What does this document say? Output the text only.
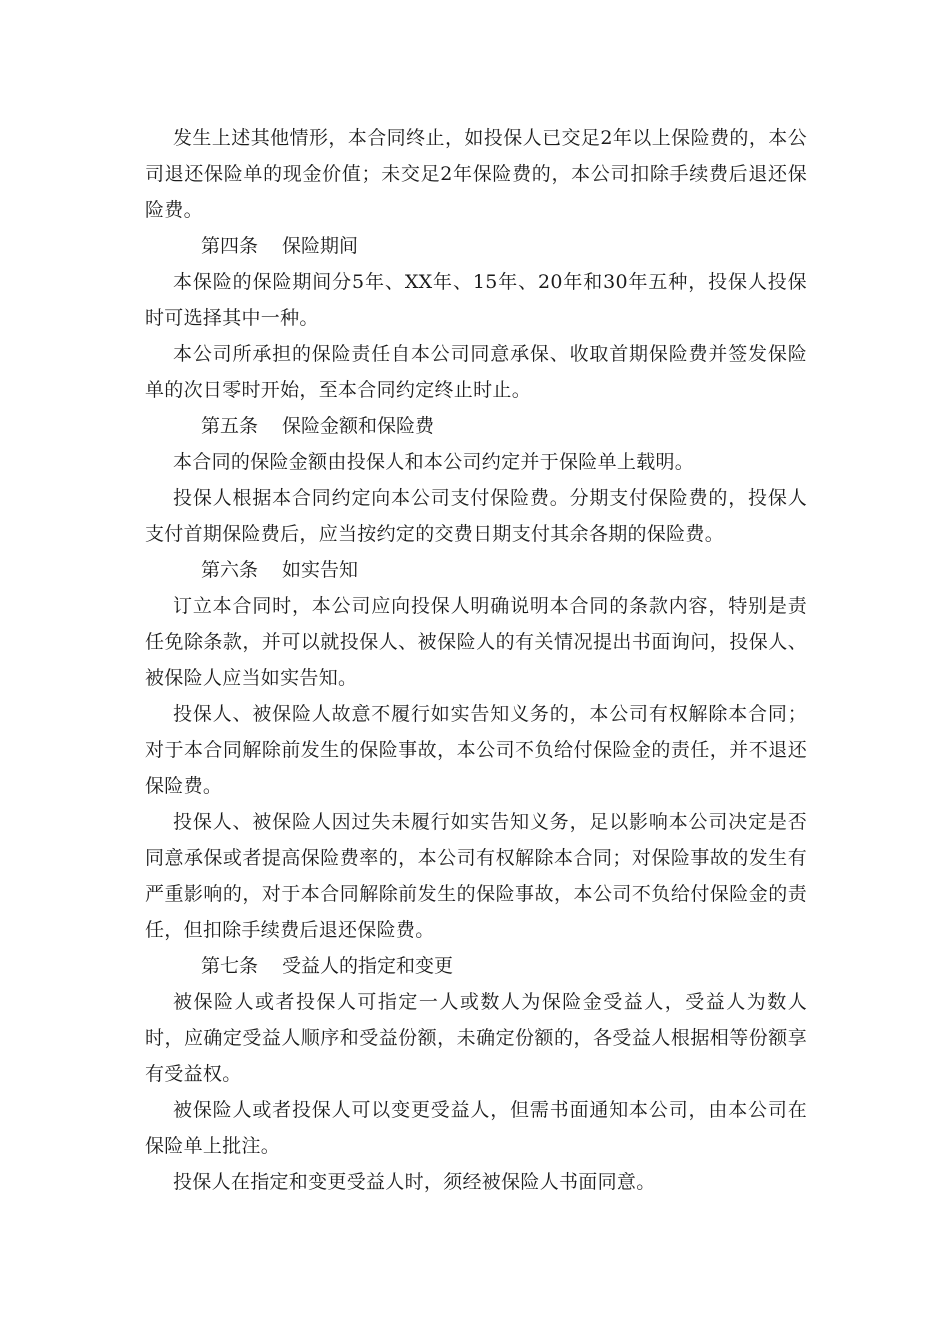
发生上述其他情形，本合同终止，如投保人已交足2年以上保险费的，本公司退还保险单的现金价值；未交足2年保险费的，本公司扣除手续费后退还保险费。

第四条 保险期间

本保险的保险期间分5年、XX年、15年、20年和30年五种，投保人投保时可选择其中一种。

本公司所承担的保险责任自本公司同意承保、收取首期保险费并签发保险单的次日零时开始，至本合同约定终止时止。

第五条 保险金额和保险费

本合同的保险金额由投保人和本公司约定并于保险单上载明。

投保人根据本合同约定向本公司支付保险费。分期支付保险费的，投保人支付首期保险费后，应当按约定的交费日期支付其余各期的保险费。

第六条 如实告知

订立本合同时，本公司应向投保人明确说明本合同的条款内容，特别是责任免除条款，并可以就投保人、被保险人的有关情况提出书面询问，投保人、被保险人应当如实告知。

投保人、被保险人故意不履行如实告知义务的，本公司有权解除本合同；对于本合同解除前发生的保险事故，本公司不负给付保险金的责任，并不退还保险费。

投保人、被保险人因过失未履行如实告知义务，足以影响本公司决定是否同意承保或者提高保险费率的，本公司有权解除本合同；对保险事故的发生有严重影响的，对于本合同解除前发生的保险事故，本公司不负给付保险金的责任，但扣除手续费后退还保险费。

第七条 受益人的指定和变更

被保险人或者投保人可指定一人或数人为保险金受益人，受益人为数人时，应确定受益人顺序和受益份额，未确定份额的，各受益人根据相等份额享有受益权。

被保险人或者投保人可以变更受益人，但需书面通知本公司，由本公司在保险单上批注。

投保人在指定和变更受益人时，须经被保险人书面同意。
